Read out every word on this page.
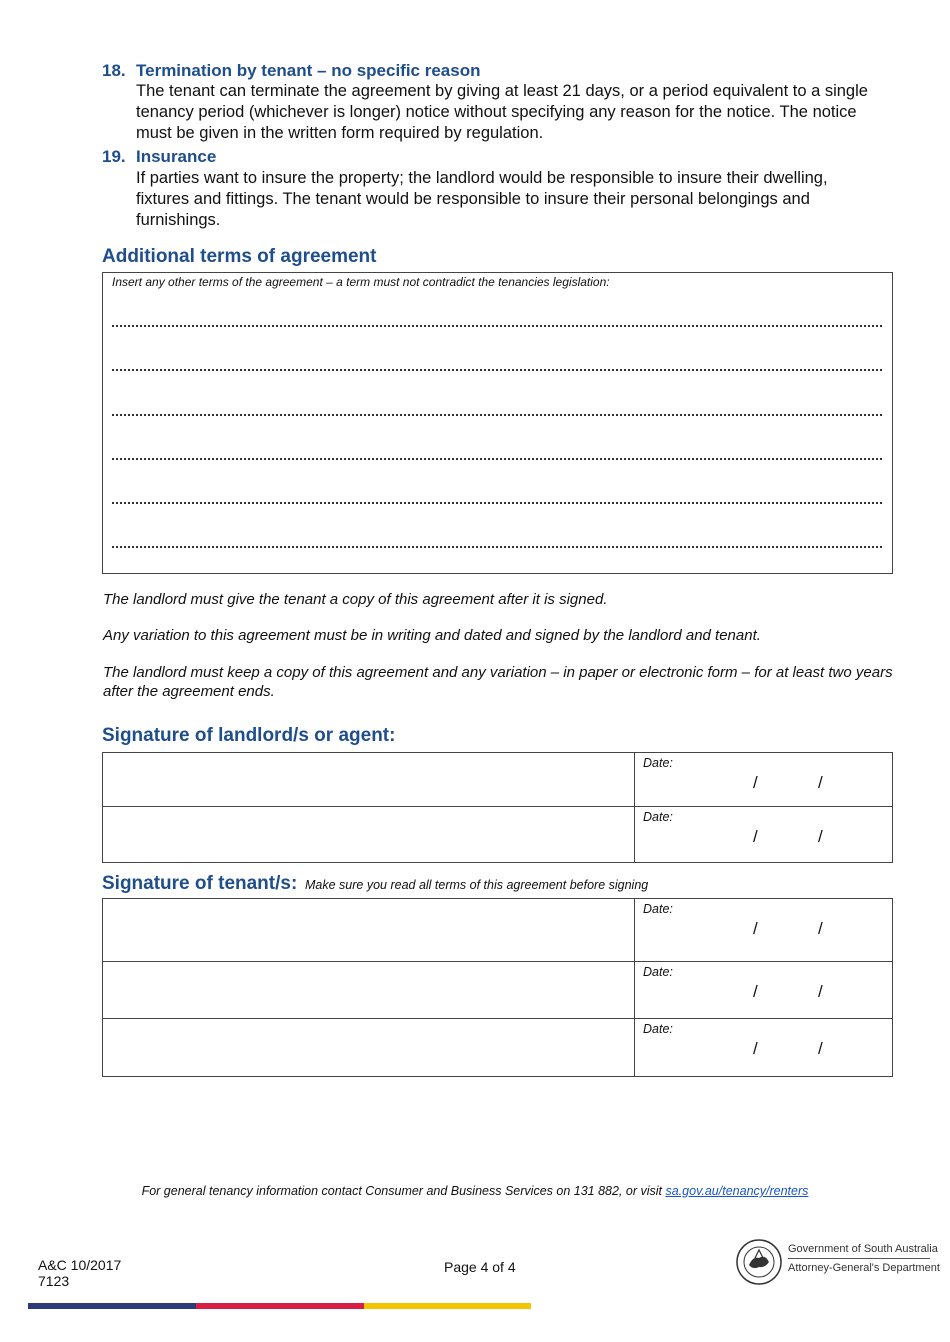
18. Termination by tenant – no specific reason
The tenant can terminate the agreement by giving at least 21 days, or a period equivalent to a single tenancy period (whichever is longer) notice without specifying any reason for the notice. The notice must be given in the written form required by regulation.
19. Insurance
If parties want to insure the property; the landlord would be responsible to insure their dwelling, fixtures and fittings. The tenant would be responsible to insure their personal belongings and furnishings.
Additional terms of agreement
Insert any other terms of the agreement – a term must not contradict the tenancies legislation:
The landlord must give the tenant a copy of this agreement after it is signed.
Any variation to this agreement must be in writing and dated and signed by the landlord and tenant.
The landlord must keep a copy of this agreement and any variation – in paper or electronic form – for at least two years after the agreement ends.
Signature of landlord/s or agent:
Date:
/	/
Date:
/	/
Signature of tenant/s: Make sure you read all terms of this agreement before signing
Date:
/	/
Date:
/	/
Date:
/	/
For general tenancy information contact Consumer and Business Services on 131 882, or visit sa.gov.au/tenancy/renters
A&C 10/2017
7123
Page 4 of 4
Government of South Australia
Attorney-General's Department
